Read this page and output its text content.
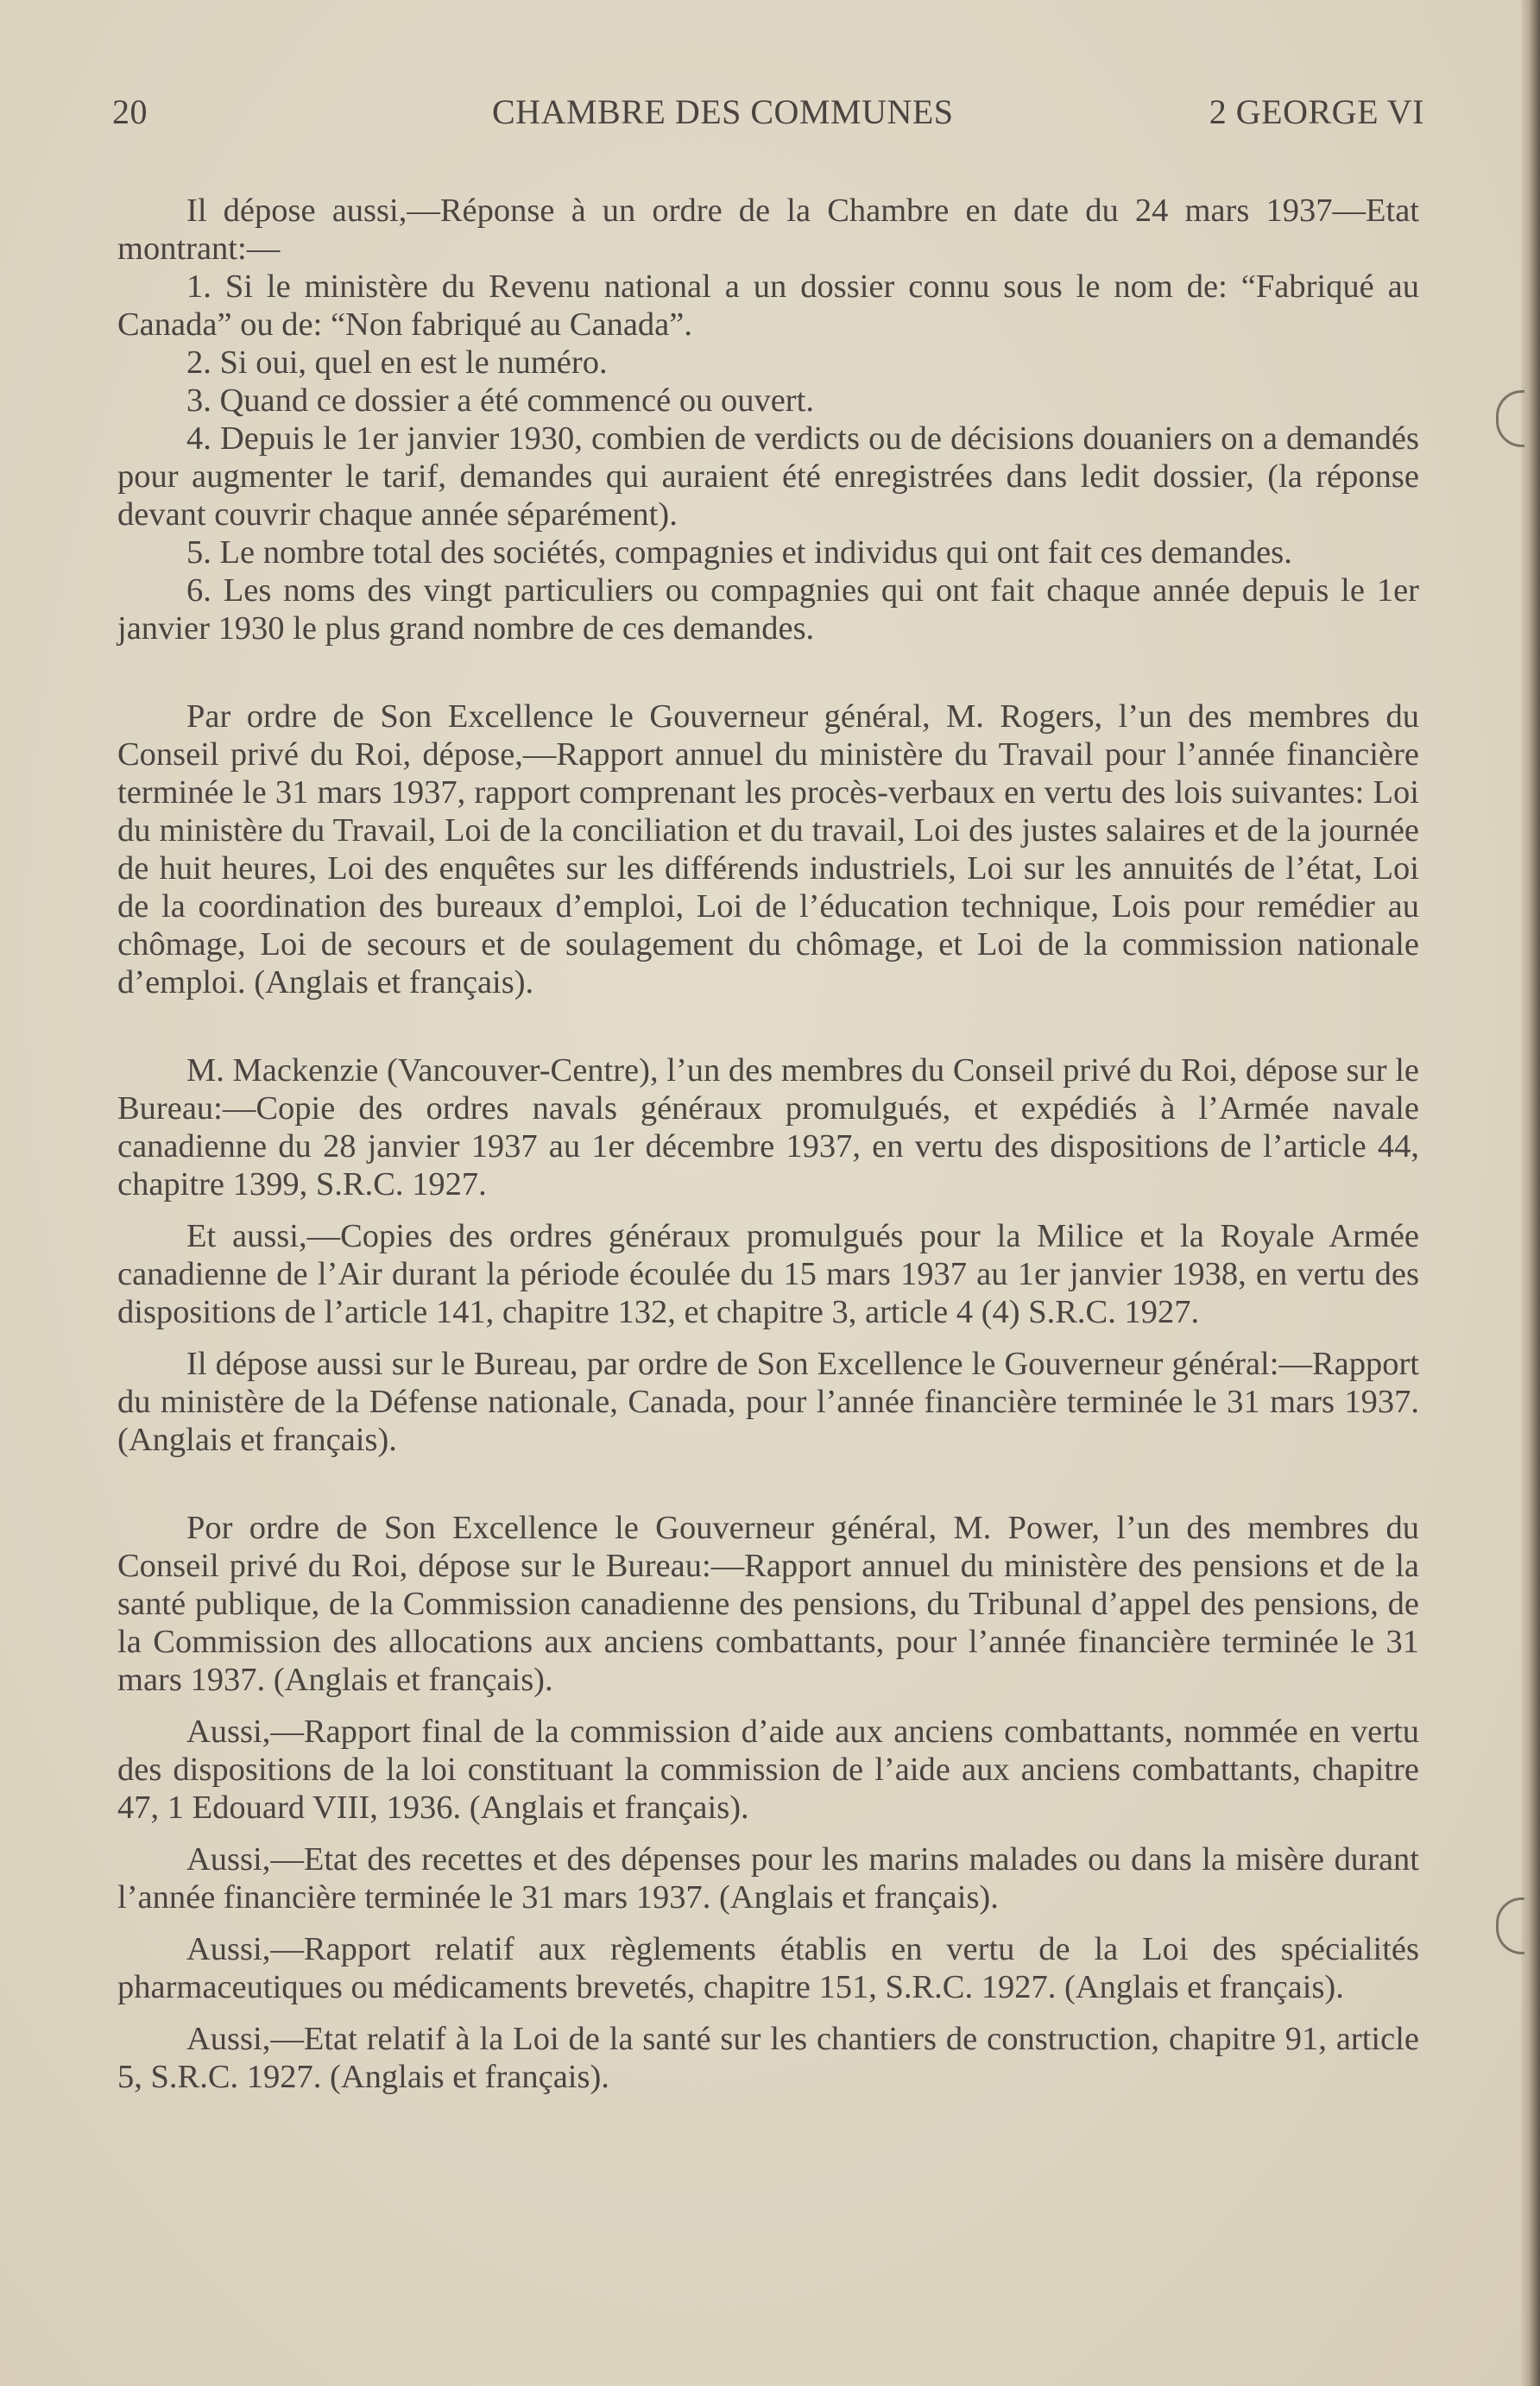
20	CHAMBRE DES COMMUNES	2 GEORGE VI

Il dépose aussi,—Réponse à un ordre de la Chambre en date du 24 mars 1937—Etat montrant:—

1. Si le ministère du Revenu national a un dossier connu sous le nom de: “Fabriqué au Canada” ou de: “Non fabriqué au Canada”.

2. Si oui, quel en est le numéro.

3. Quand ce dossier a été commencé ou ouvert.

4. Depuis le 1er janvier 1930, combien de verdicts ou de décisions douaniers on a demandés pour augmenter le tarif, demandes qui auraient été enregistrées dans ledit dossier, (la réponse devant couvrir chaque année séparément).

5. Le nombre total des sociétés, compagnies et individus qui ont fait ces demandes.

6. Les noms des vingt particuliers ou compagnies qui ont fait chaque année depuis le 1er janvier 1930 le plus grand nombre de ces demandes.

Par ordre de Son Excellence le Gouverneur général, M. Rogers, l’un des membres du Conseil privé du Roi, dépose,—Rapport annuel du ministère du Travail pour l’année financière terminée le 31 mars 1937, rapport comprenant les procès-verbaux en vertu des lois suivantes: Loi du ministère du Travail, Loi de la conciliation et du travail, Loi des justes salaires et de la journée de huit heures, Loi des enquêtes sur les différends industriels, Loi sur les annuités de l’état, Loi de la coordination des bureaux d’emploi, Loi de l’éducation technique, Lois pour remédier au chômage, Loi de secours et de soulagement du chômage, et Loi de la commission nationale d’emploi. (Anglais et français).

M. Mackenzie (Vancouver-Centre), l’un des membres du Conseil privé du Roi, dépose sur le Bureau:—Copie des ordres navals généraux promulgués, et expédiés à l’Armée navale canadienne du 28 janvier 1937 au 1er décembre 1937, en vertu des dispositions de l’article 44, chapitre 1399, S.R.C. 1927.

Et aussi,—Copies des ordres généraux promulgués pour la Milice et la Royale Armée canadienne de l’Air durant la période écoulée du 15 mars 1937 au 1er janvier 1938, en vertu des dispositions de l’article 141, chapitre 132, et chapitre 3, article 4 (4) S.R.C. 1927.

Il dépose aussi sur le Bureau, par ordre de Son Excellence le Gouverneur général:—Rapport du ministère de la Défense nationale, Canada, pour l’année financière terminée le 31 mars 1937. (Anglais et français).

Por ordre de Son Excellence le Gouverneur général, M. Power, l’un des membres du Conseil privé du Roi, dépose sur le Bureau:—Rapport annuel du ministère des pensions et de la santé publique, de la Commission canadienne des pensions, du Tribunal d’appel des pensions, de la Commission des allocations aux anciens combattants, pour l’année financière terminée le 31 mars 1937. (Anglais et français).

Aussi,—Rapport final de la commission d’aide aux anciens combattants, nommée en vertu des dispositions de la loi constituant la commission de l’aide aux anciens combattants, chapitre 47, 1 Edouard VIII, 1936. (Anglais et français).

Aussi,—Etat des recettes et des dépenses pour les marins malades ou dans la misère durant l’année financière terminée le 31 mars 1937. (Anglais et français).

Aussi,—Rapport relatif aux règlements établis en vertu de la Loi des spécialités pharmaceutiques ou médicaments brevetés, chapitre 151, S.R.C. 1927. (Anglais et français).

Aussi,—Etat relatif à la Loi de la santé sur les chantiers de construction, chapitre 91, article 5, S.R.C. 1927. (Anglais et français).
